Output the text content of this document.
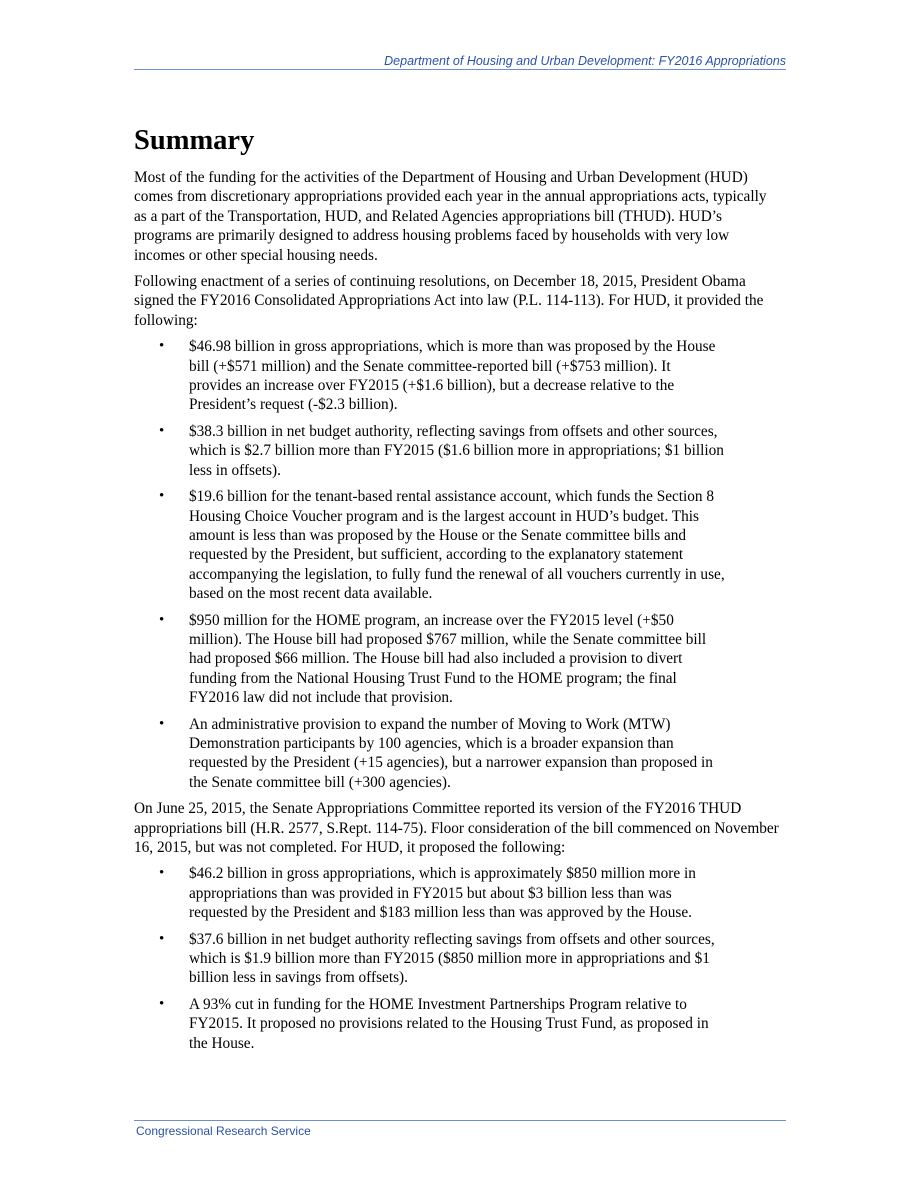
Department of Housing and Urban Development: FY2016 Appropriations
Summary

Most of the funding for the activities of the Department of Housing and Urban Development (HUD) comes from discretionary appropriations provided each year in the annual appropriations acts, typically as a part of the Transportation, HUD, and Related Agencies appropriations bill (THUD). HUD’s programs are primarily designed to address housing problems faced by households with very low incomes or other special housing needs.

Following enactment of a series of continuing resolutions, on December 18, 2015, President Obama signed the FY2016 Consolidated Appropriations Act into law (P.L. 114-113). For HUD, it provided the following:

• $46.98 billion in gross appropriations, which is more than was proposed by the House bill (+$571 million) and the Senate committee-reported bill (+$753 million). It provides an increase over FY2015 (+$1.6 billion), but a decrease relative to the President’s request (-$2.3 billion).
• $38.3 billion in net budget authority, reflecting savings from offsets and other sources, which is $2.7 billion more than FY2015 ($1.6 billion more in appropriations; $1 billion less in offsets).
• $19.6 billion for the tenant-based rental assistance account, which funds the Section 8 Housing Choice Voucher program and is the largest account in HUD’s budget. This amount is less than was proposed by the House or the Senate committee bills and requested by the President, but sufficient, according to the explanatory statement accompanying the legislation, to fully fund the renewal of all vouchers currently in use, based on the most recent data available.
• $950 million for the HOME program, an increase over the FY2015 level (+$50 million). The House bill had proposed $767 million, while the Senate committee bill had proposed $66 million. The House bill had also included a provision to divert funding from the National Housing Trust Fund to the HOME program; the final FY2016 law did not include that provision.
• An administrative provision to expand the number of Moving to Work (MTW) Demonstration participants by 100 agencies, which is a broader expansion than requested by the President (+15 agencies), but a narrower expansion than proposed in the Senate committee bill (+300 agencies).

On June 25, 2015, the Senate Appropriations Committee reported its version of the FY2016 THUD appropriations bill (H.R. 2577, S.Rept. 114-75). Floor consideration of the bill commenced on November 16, 2015, but was not completed. For HUD, it proposed the following:

• $46.2 billion in gross appropriations, which is approximately $850 million more in appropriations than was provided in FY2015 but about $3 billion less than was requested by the President and $183 million less than was approved by the House.
• $37.6 billion in net budget authority reflecting savings from offsets and other sources, which is $1.9 billion more than FY2015 ($850 million more in appropriations and $1 billion less in savings from offsets).
• A 93% cut in funding for the HOME Investment Partnerships Program relative to FY2015. It proposed no provisions related to the Housing Trust Fund, as proposed in the House.
Congressional Research Service
